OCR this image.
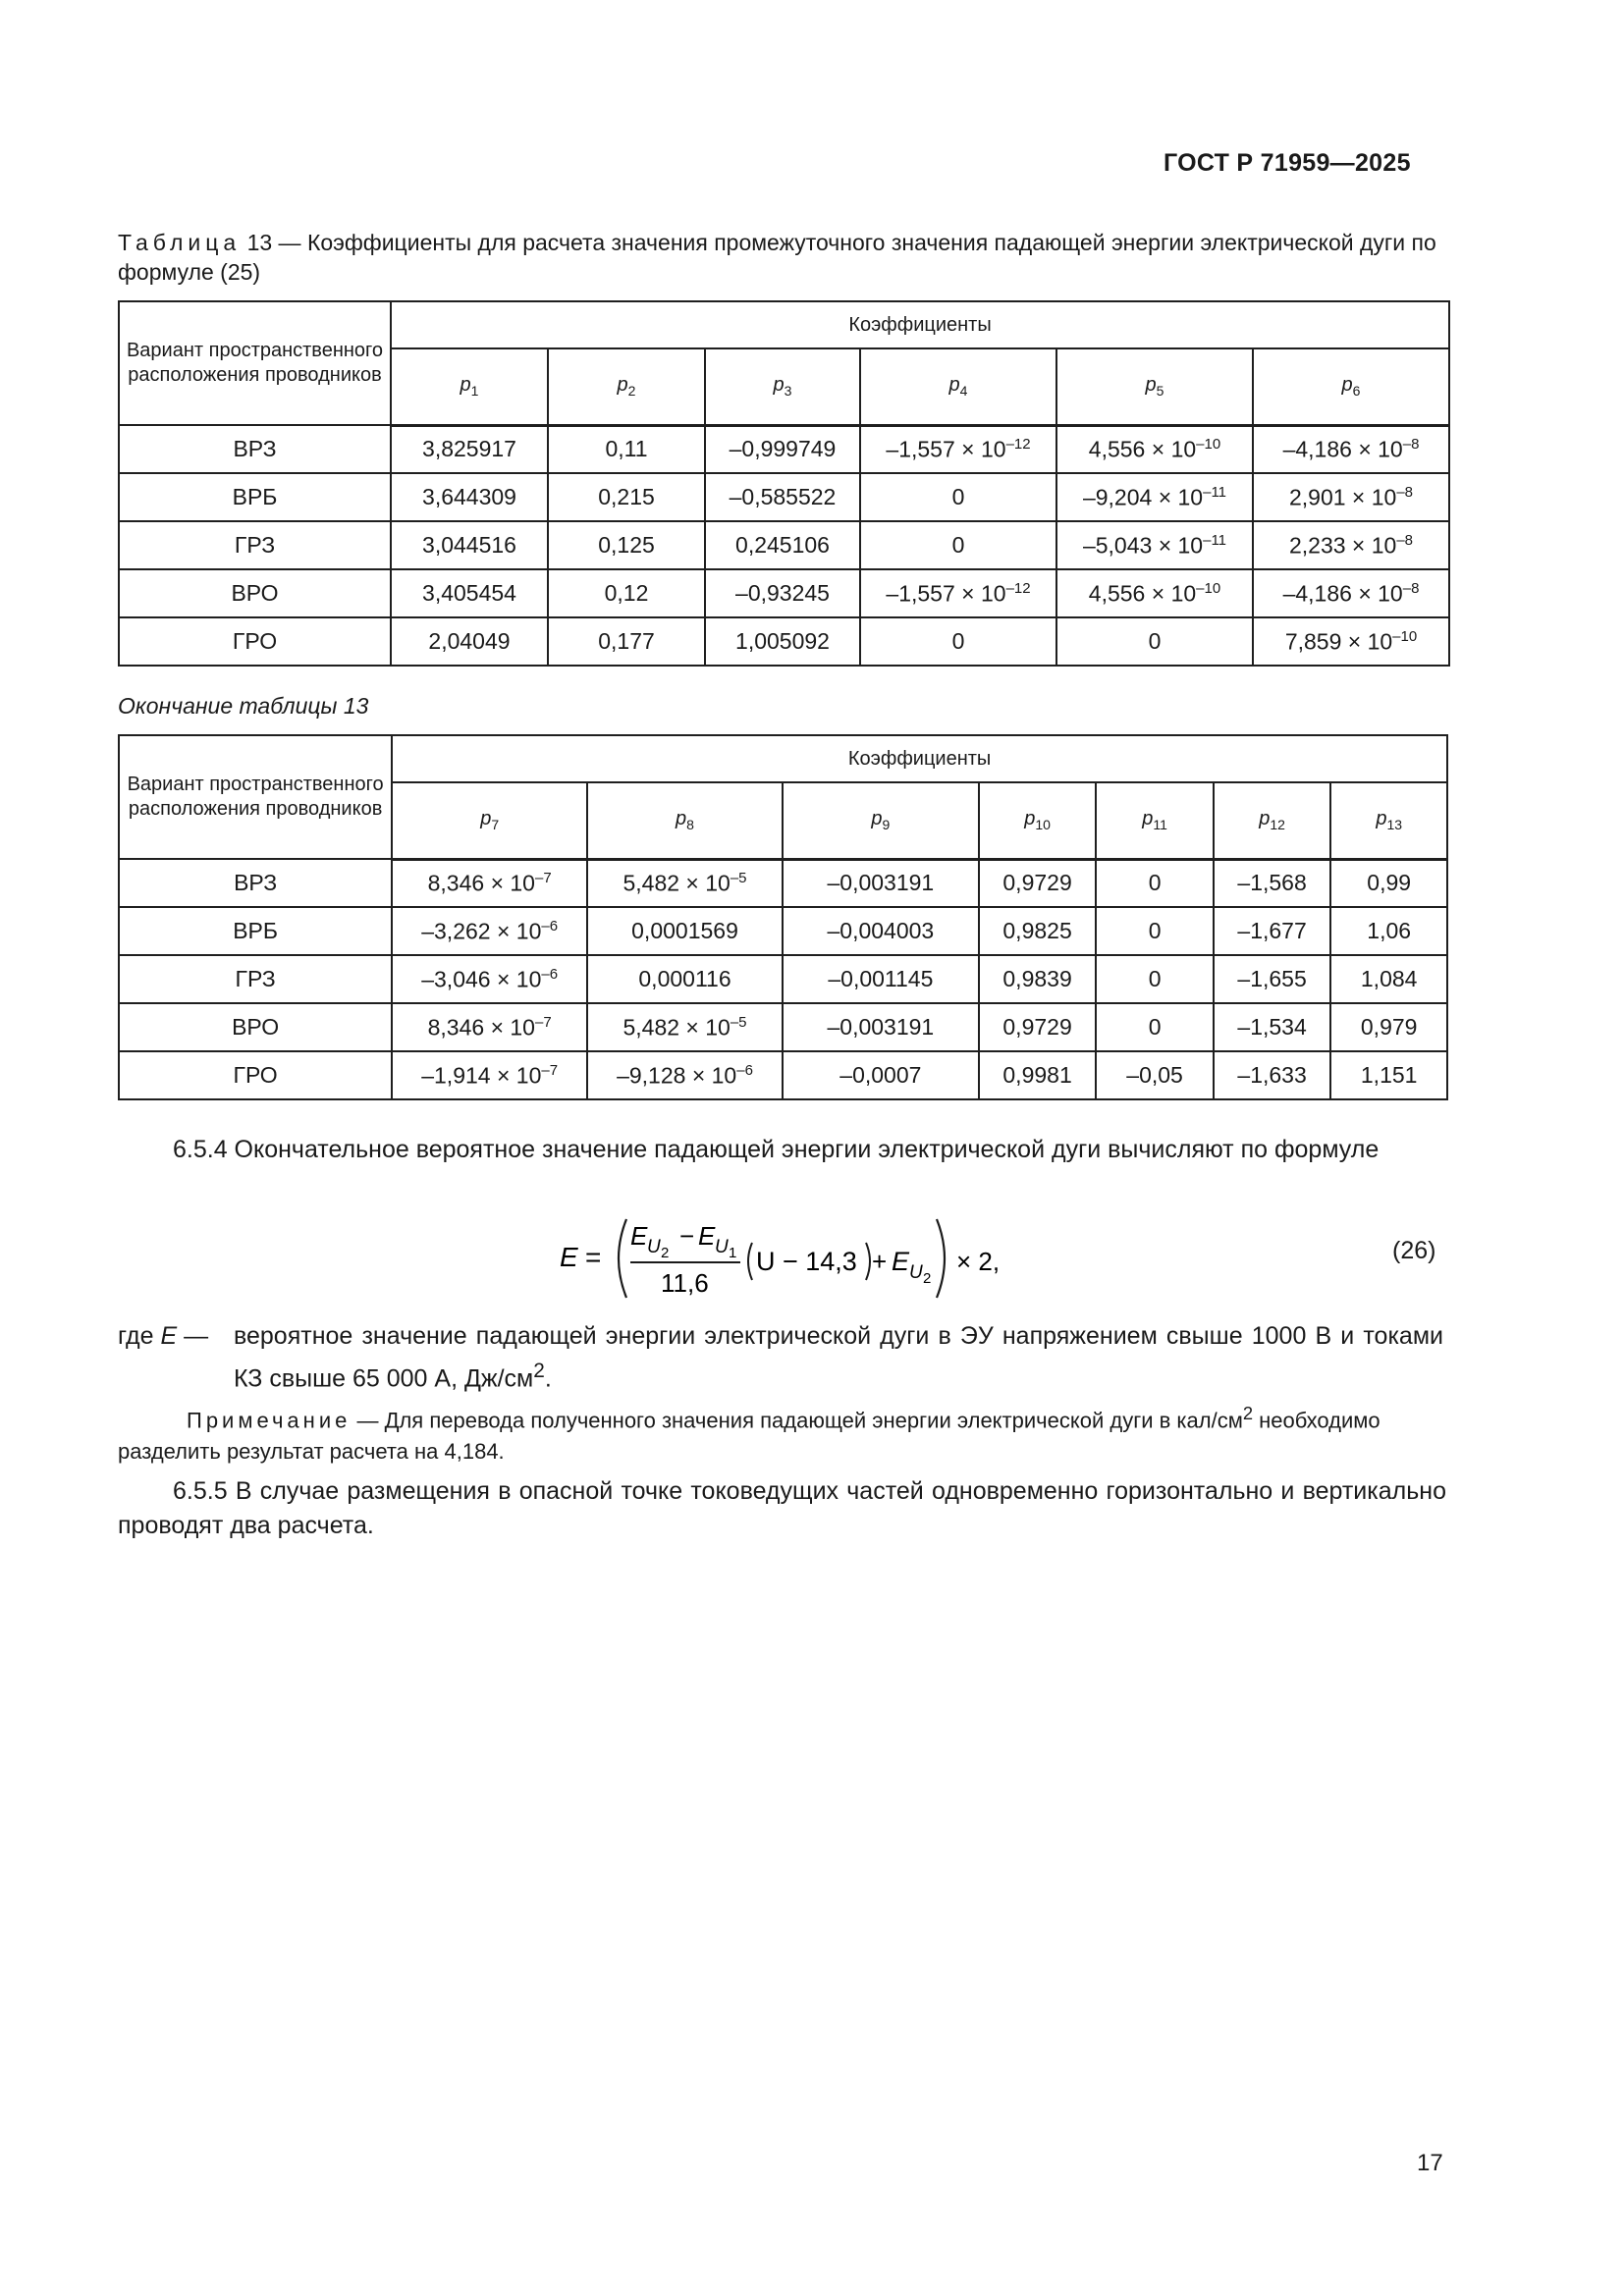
ГОСТ Р 71959—2025
Таблица 13 — Коэффициенты для расчета значения промежуточного значения падающей энергии электрической дуги по формуле (25)
Вариант пространственного расположения проводников	Коэффициенты					
	$p_1$	$p_2$	$p_3$	$p_4$	$p_5$	$p_6$
ВРЗ	3,825917	0,11	–0,999749	$-1,557 \times 10^{-12}$	$4,556 \times 10^{-10}$	$-4,186 \times 10^{-8}$
ВРБ	3,644309	0,215	–0,585522	0	$-9,204 \times 10^{-11}$	$2,901 \times 10^{-8}$
ГРЗ	3,044516	0,125	0,245106	0	$-5,043 \times 10^{-11}$	$2,233 \times 10^{-8}$
ВРО	3,405454	0,12	–0,93245	$-1,557 \times 10^{-12}$	$4,556 \times 10^{-10}$	$-4,186 \times 10^{-8}$
ГРО	2,04049	0,177	1,005092	0	0	$7,859 \times 10^{-10}$
Окончание таблицы 13
Вариант пространственного расположения проводников	Коэффициенты						
	$p_7$	$p_8$	$p_9$	$p_{10}$	$p_{11}$	$p_{12}$	$p_{13}$
ВРЗ	$8,346 \times 10^{-7}$	$5,482 \times 10^{-5}$	–0,003191	0,9729	0	–1,568	0,99
ВРБ	$-3,262 \times 10^{-6}$	0,0001569	–0,004003	0,9825	0	–1,677	1,06
ГРЗ	$-3,046 \times 10^{-6}$	0,000116	–0,001145	0,9839	0	–1,655	1,084
ВРО	$8,346 \times 10^{-7}$	$5,482 \times 10^{-5}$	–0,003191	0,9729	0	–1,534	0,979
ГРО	$-1,914 \times 10^{-7}$	$-9,128 \times 10^{-6}$	–0,0007	0,9981	–0,05	–1,633	1,151
6.5.4 Окончательное вероятное значение падающей энергии электрической дуги вычисляют по формуле
E =
E U 2
− E U 1
11,6
U − 14,3 + E U 2
× 2,	(26)
где E — вероятное значение падающей энергии электрической дуги в ЭУ напряжением свыше 1000 В и токами КЗ свыше 65 000 А, $Дж/см^2$.
Примечание — Для перевода полученного значения падающей энергии электрической дуги в кал/$см^2$ необходимо разделить результат расчета на 4,184.
6.5.5 В случае размещения в опасной точке токоведущих частей одновременно горизонтально и вертикально проводят два расчета.
17
